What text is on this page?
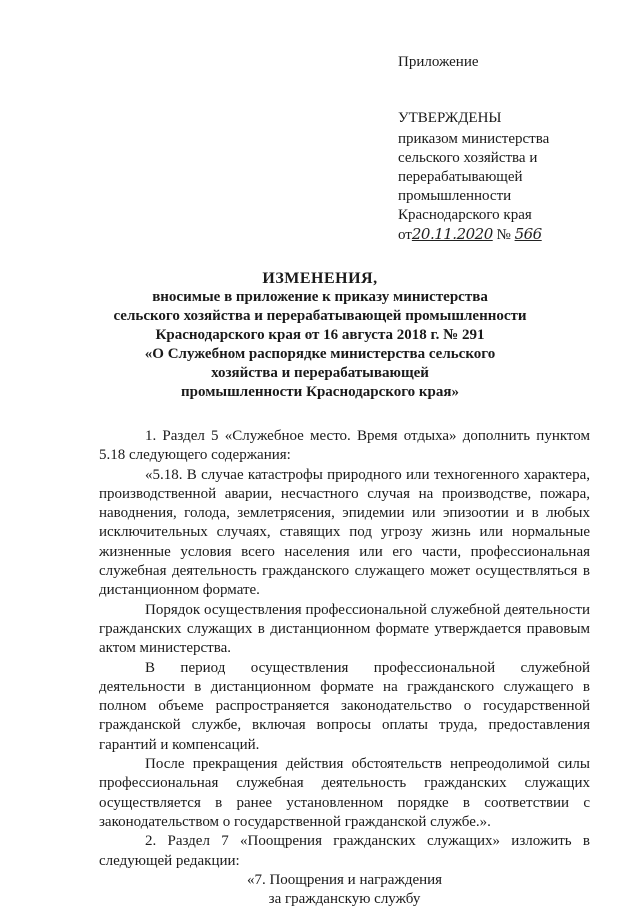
Приложение
УТВЕРЖДЕНЫ
приказом министерства
сельского хозяйства и
перерабатывающей
промышленности
Краснодарского края
от20.11.2020 № 566
ИЗМЕНЕНИЯ,
вносимые в приложение к приказу министерства
сельского хозяйства и перерабатывающей промышленности
Краснодарского края от 16 августа 2018 г. № 291
«О Служебном распорядке министерства сельского
хозяйства и перерабатывающей
промышленности Краснодарского края»

1. Раздел 5 «Служебное место. Время отдыха» дополнить пунктом 5.18 следующего содержания:

«5.18. В случае катастрофы природного или техногенного характера, производственной аварии, несчастного случая на производстве, пожара, наводнения, голода, землетрясения, эпидемии или эпизоотии и в любых исключительных случаях, ставящих под угрозу жизнь или нормальные жизненные условия всего населения или его части, профессиональная служебная деятельность гражданского служащего может осуществляться в дистанционном формате.

Порядок осуществления профессиональной служебной деятельности гражданских служащих в дистанционном формате утверждается правовым актом министерства.

В период осуществления профессиональной служебной деятельности в дистанционном формате на гражданского служащего в полном объеме распространяется законодательство о государственной гражданской службе, включая вопросы оплаты труда, предоставления гарантий и компенсаций.

После прекращения действия обстоятельств непреодолимой силы профессиональная служебная деятельность гражданских служащих осуществляется в ранее установленном порядке в соответствии с законодательством о государственной гражданской службе.».

2. Раздел 7 «Поощрения гражданских служащих» изложить в следующей редакции:

«7. Поощрения и награждения

за гражданскую службу
